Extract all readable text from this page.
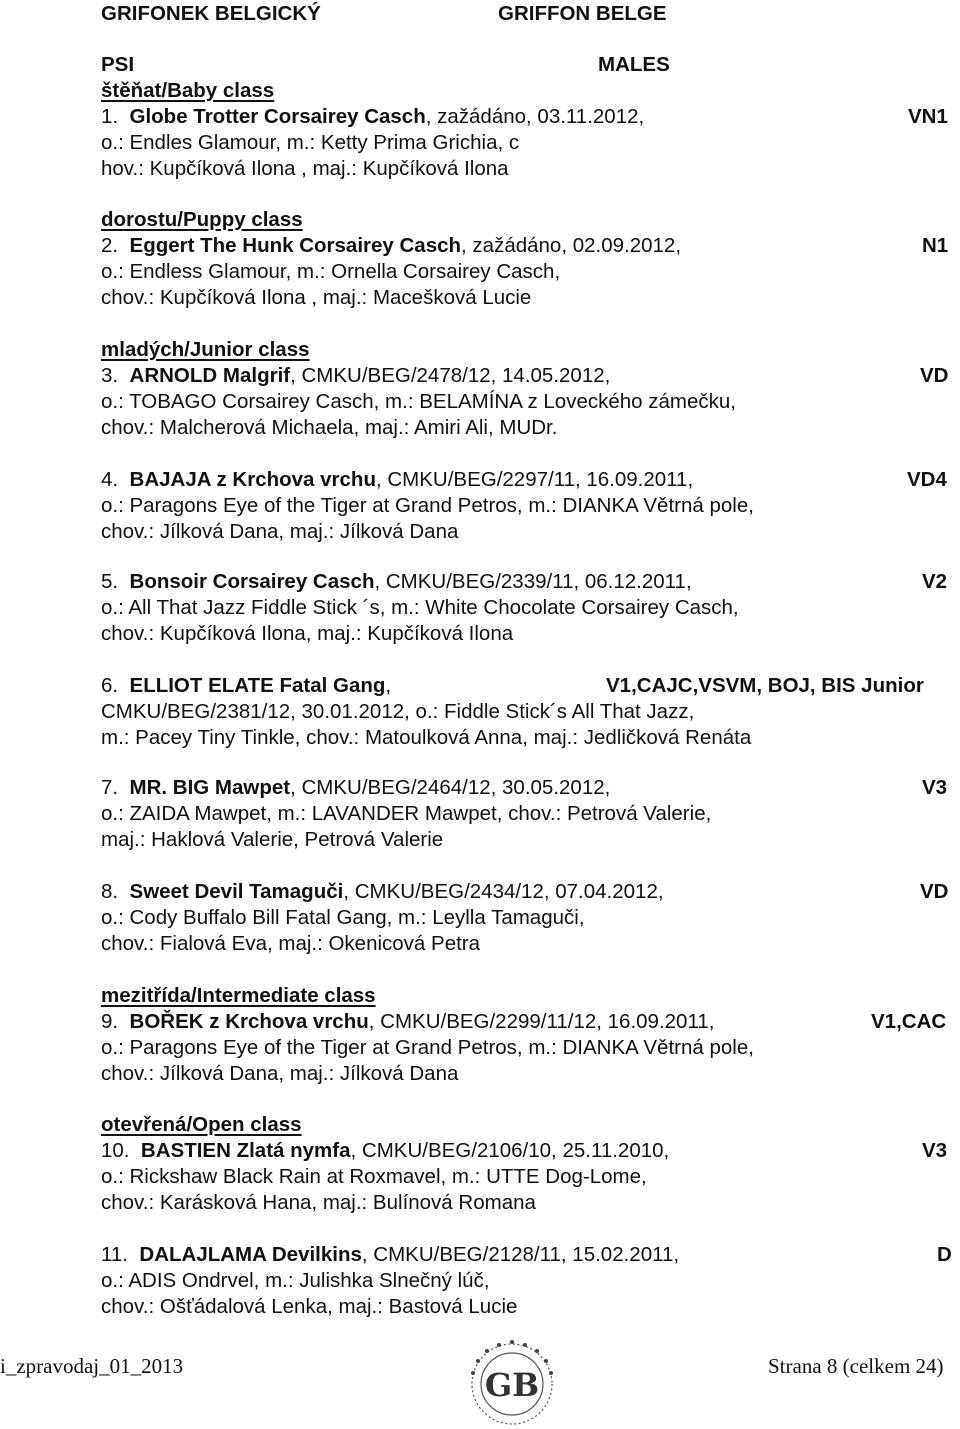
GRIFONEK BELGICKÝ	GRIFFON BELGE
PSI	MALES
štěňat/Baby class
1. Globe Trotter Corsairey Casch, zažádáno, 03.11.2012,	VN1
o.: Endles Glamour, m.: Ketty Prima Grichia, c
hov.: Kupčíková Ilona , maj.: Kupčíková Ilona
dorostu/Puppy class
2. Eggert The Hunk Corsairey Casch, zažádáno, 02.09.2012,	N1
o.: Endless Glamour, m.: Ornella Corsairey Casch,
chov.: Kupčíková Ilona , maj.: Macešková Lucie
mladých/Junior class
3. ARNOLD Malgrif, CMKU/BEG/2478/12, 14.05.2012,	VD
o.: TOBAGO Corsairey Casch, m.: BELAMÍNA z Loveckého zámečku,
chov.: Malcherová Michaela, maj.: Amiri Ali, MUDr.
4. BAJAJA z Krchova vrchu, CMKU/BEG/2297/11, 16.09.2011,	VD4
o.: Paragons Eye of the Tiger at Grand Petros, m.: DIANKA Větrná pole,
chov.: Jílková Dana, maj.: Jílková Dana
5. Bonsoir Corsairey Casch, CMKU/BEG/2339/11, 06.12.2011,	V2
o.: All That Jazz Fiddle Stick ´s, m.: White Chocolate Corsairey Casch,
chov.: Kupčíková Ilona, maj.: Kupčíková Ilona
6. ELLIOT ELATE Fatal Gang,	V1,CAJC,VSVM, BOJ, BIS Junior
CMKU/BEG/2381/12, 30.01.2012, o.: Fiddle Stick´s All That Jazz,
m.: Pacey Tiny Tinkle, chov.: Matoulková Anna, maj.: Jedličková Renáta
7. MR. BIG Mawpet, CMKU/BEG/2464/12, 30.05.2012,	V3
o.: ZAIDA Mawpet, m.: LAVANDER Mawpet, chov.: Petrová Valerie,
maj.: Haklová Valerie, Petrová Valerie
8. Sweet Devil Tamaguči, CMKU/BEG/2434/12, 07.04.2012,	VD
o.: Cody Buffalo Bill Fatal Gang, m.: Leylla Tamaguči,
chov.: Fialová Eva, maj.: Okenicová Petra
mezitřída/Intermediate class
9. BOŘEK z Krchova vrchu, CMKU/BEG/2299/11/12, 16.09.2011,	V1,CAC
o.: Paragons Eye of the Tiger at Grand Petros, m.: DIANKA Větrná pole,
chov.: Jílková Dana, maj.: Jílková Dana
otevřená/Open class
10. BASTIEN Zlatá nymfa, CMKU/BEG/2106/10, 25.11.2010,	V3
o.: Rickshaw Black Rain at Roxmavel, m.: UTTE Dog-Lome,
chov.: Karásková Hana, maj.: Bulínová Romana
11. DALAJLAMA Devilkins, CMKU/BEG/2128/11, 15.02.2011,	D
o.: ADIS Ondrvel, m.: Julishka Slnečný lúč,
chov.: Ošťádalová Lenka, maj.: Bastová Lucie
i_zpravodaj_01_2013	Strana 8 (celkem 24)
GB
